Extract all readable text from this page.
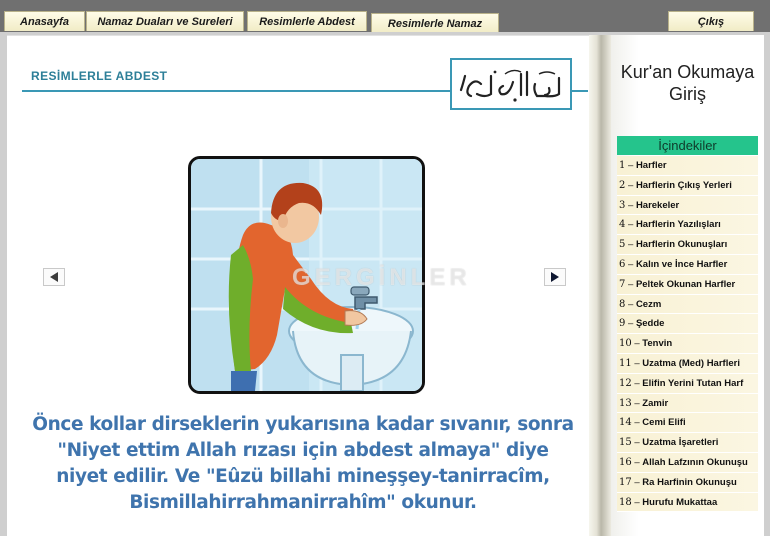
Anasayfa	Namaz Duaları ve Sureleri	Resimlerle Abdest	Resimlerle Namaz	Çıkış
RESİMLERLE ABDEST
GERGİNLER
Önce kollar dirseklerin yukarısına kadar sıvanır, sonra "Niyet ettim Allah rızası için abdest almaya" diye niyet edilir. Ve "Eûzü billahi mineşşey-tanirracîm, Bismillahirrahmanirrahîm" okunur.
Kur'an Okumaya Giriş
İçindekiler
1 – Harfler
2 – Harflerin Çıkış Yerleri
3 – Harekeler
4 – Harflerin Yazılışları
5 – Harflerin Okunuşları
6 – Kalın ve İnce Harfler
7 – Peltek Okunan Harfler
8 – Cezm
9 – Şedde
10 – Tenvin
11 – Uzatma (Med) Harfleri
12 – Elifin Yerini Tutan Harf
13 – Zamir
14 – Cemi Elifi
15 – Uzatma İşaretleri
16 – Allah Lafzının Okunuşu
17 – Ra Harfinin Okunuşu
18 – Hurufu Mukattaa
